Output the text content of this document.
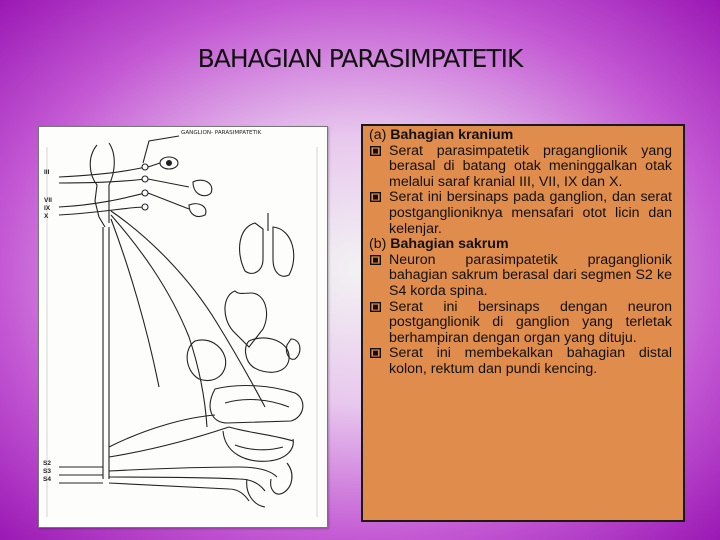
BAHAGIAN PARASIMPATETIK
GANGLION- PARASIMPATETIK
III
VII
IX
X
S2
S3
S4

(a) Bahagian kranium

Serat parasimpatetik praganglionik yang berasal di batang otak meninggalkan otak melalui saraf kranial III, VII, IX dan X.
Serat ini bersinaps pada ganglion, dan serat postganglioniknya mensafari otot licin dan kelenjar.

(b) Bahagian sakrum

Neuron parasimpatetik praganglionik bahagian sakrum berasal dari segmen S2 ke S4 korda spina.
Serat ini bersinaps dengan neuron postganglionik di ganglion yang terletak berhampiran dengan organ yang dituju.
Serat ini membekalkan bahagian distal kolon, rektum dan pundi kencing.
